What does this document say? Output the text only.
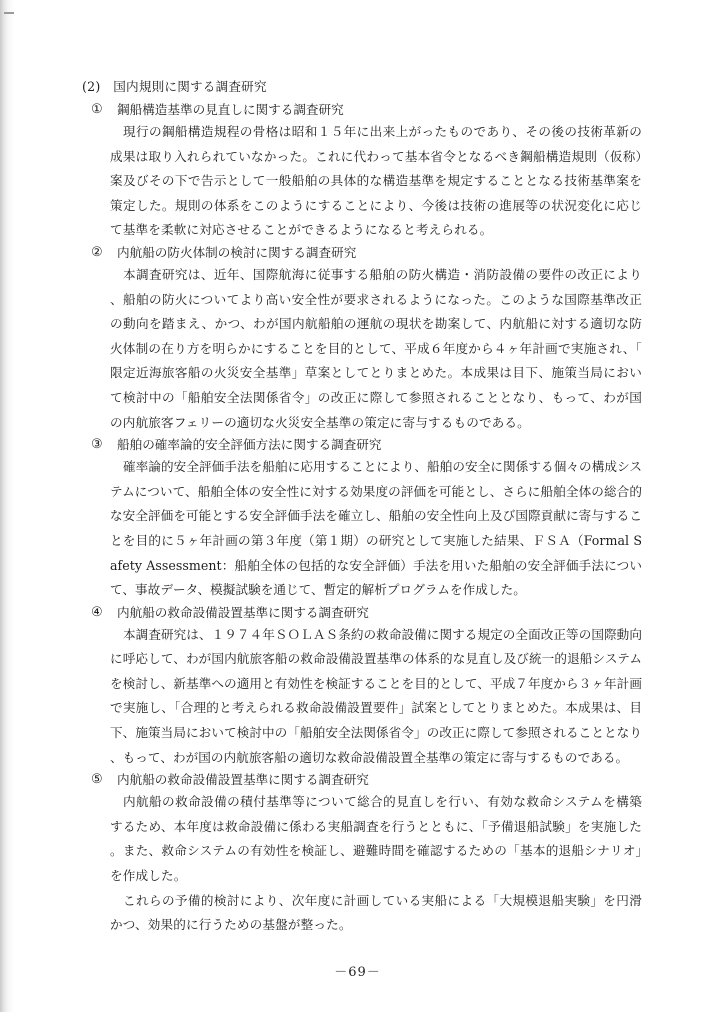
(2)　国内規則に関する調査研究
①	鋼船構造基準の見直しに関する調査研究

現行の鋼船構造規程の骨格は昭和１５年に出来上がったものであり、その後の技術革新の成果は取り入れられていなかった。これに代わって基本省令となるべき鋼船構造規則（仮称）案及びその下で告示として一般船舶の具体的な構造基準を規定することとなる技術基準案を策定した。規則の体系をこのようにすることにより、今後は技術の進展等の状況変化に応じて基準を柔軟に対応させることができるようになると考えられる。

②	内航船の防火体制の検討に関する調査研究

本調査研究は、近年、国際航海に従事する船舶の防火構造・消防設備の要件の改正により、船舶の防火についてより高い安全性が要求されるようになった。このような国際基準改正の動向を踏まえ、かつ、わが国内航船舶の運航の現状を勘案して、内航船に対する適切な防火体制の在り方を明らかにすることを目的として、平成６年度から４ヶ年計画で実施され、「限定近海旅客船の火災安全基準」草案としてとりまとめた。本成果は目下、施策当局において検討中の「船舶安全法関係省令」の改正に際して参照されることとなり、もって、わが国の内航旅客フェリーの適切な火災安全基準の策定に寄与するものである。

③	船舶の確率論的安全評価方法に関する調査研究

確率論的安全評価手法を船舶に応用することにより、船舶の安全に関係する個々の構成システムについて、船舶全体の安全性に対する効果度の評価を可能とし、さらに船舶全体の総合的な安全評価を可能とする安全評価手法を確立し、船舶の安全性向上及び国際貢献に寄与することを目的に５ヶ年計画の第３年度（第１期）の研究として実施した結果、ＦＳＡ（Formal Safety Assessment：船舶全体の包括的な安全評価）手法を用いた船舶の安全評価手法について、事故データ、模擬試験を通じて、暫定的解析プログラムを作成した。

④	内航船の救命設備設置基準に関する調査研究

本調査研究は、１９７４年ＳＯＬＡＳ条約の救命設備に関する規定の全面改正等の国際動向に呼応して、わが国内航旅客船の救命設備設置基準の体系的な見直し及び統一的退船システムを検討し、新基準への適用と有効性を検証することを目的として、平成７年度から３ヶ年計画で実施し、「合理的と考えられる救命設備設置要件」試案としてとりまとめた。本成果は、目下、施策当局において検討中の「船舶安全法関係省令」の改正に際して参照されることとなり、もって、わが国の内航旅客船の適切な救命設備設置全基準の策定に寄与するものである。

⑤	内航船の救命設備設置基準に関する調査研究

内航船の救命設備の積付基準等について総合的見直しを行い、有効な救命システムを構築するため、本年度は救命設備に係わる実船調査を行うとともに、「予備退船試験」を実施した。また、救命システムの有効性を検証し、避難時間を確認するための「基本的退船シナリオ」を作成した。

これらの予備的検討により、次年度に計画している実船による「大規模退船実験」を円滑かつ、効果的に行うための基盤が整った。

－69－
